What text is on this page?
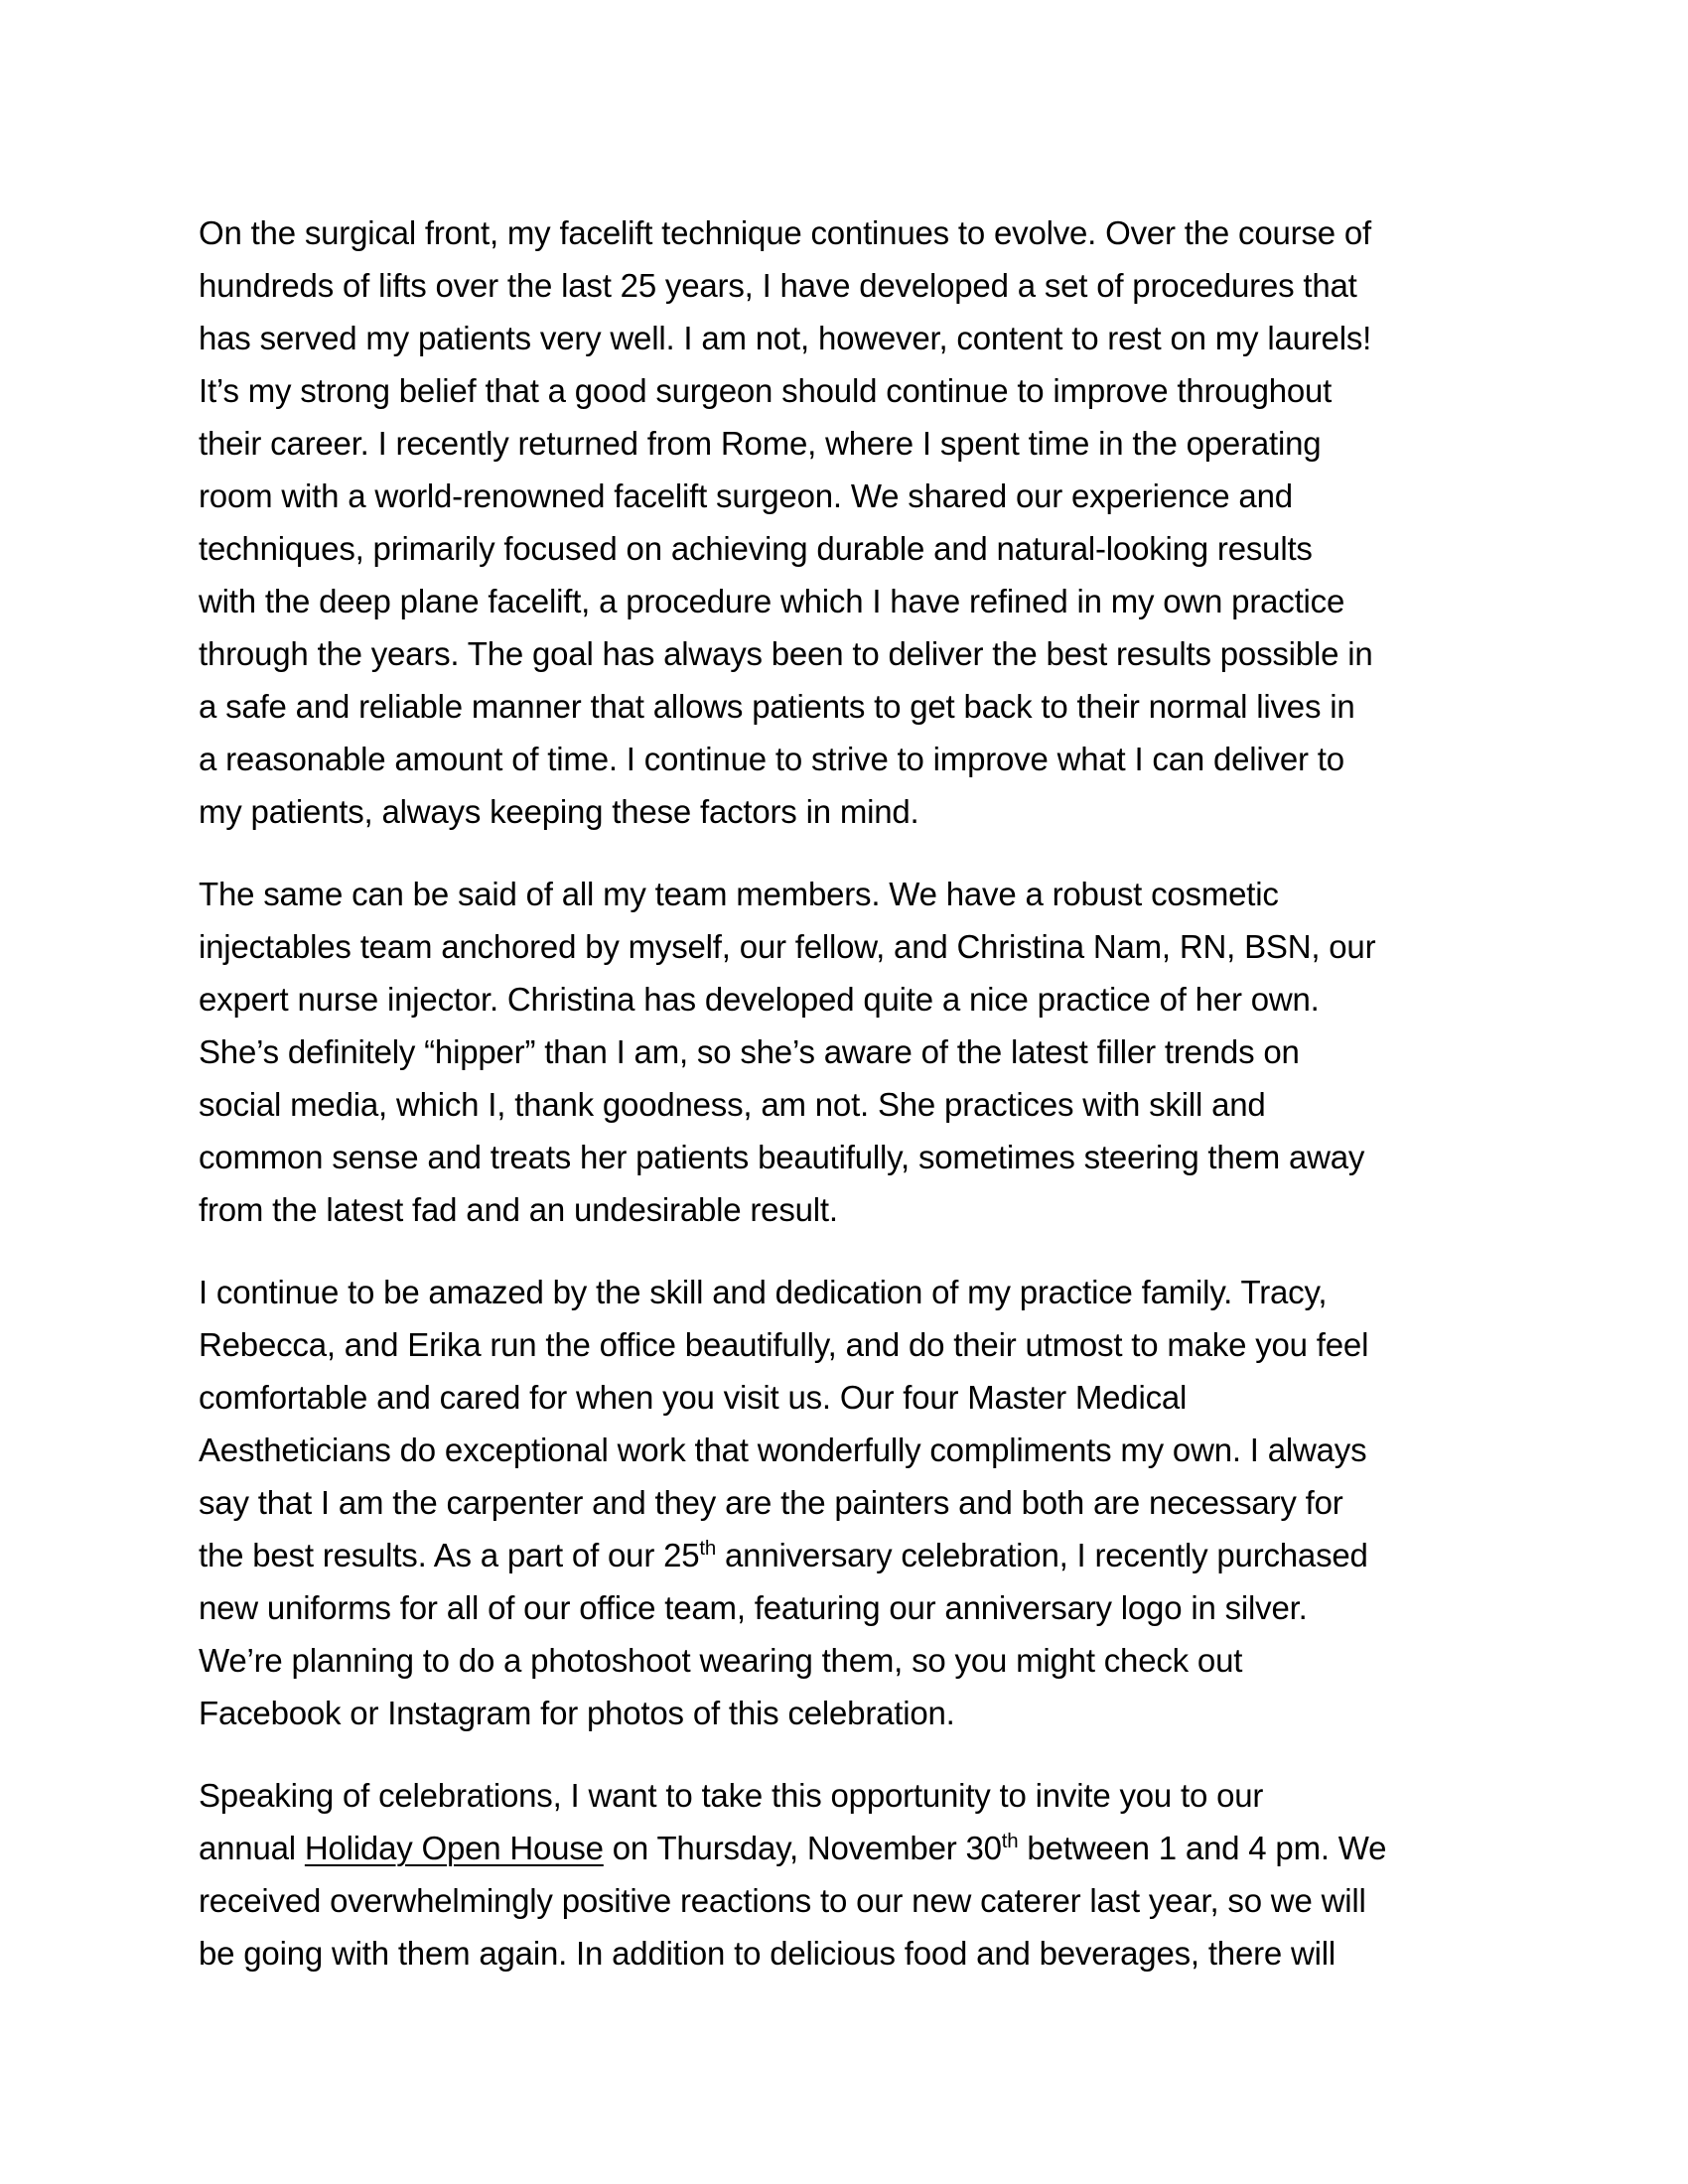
On the surgical front, my facelift technique continues to evolve. Over the course of
hundreds of lifts over the last 25 years, I have developed a set of procedures that
has served my patients very well. I am not, however, content to rest on my laurels!
It’s my strong belief that a good surgeon should continue to improve throughout
their career. I recently returned from Rome, where I spent time in the operating
room with a world-renowned facelift surgeon. We shared our experience and
techniques, primarily focused on achieving durable and natural-looking results
with the deep plane facelift, a procedure which I have refined in my own practice
through the years. The goal has always been to deliver the best results possible in
a safe and reliable manner that allows patients to get back to their normal lives in
a reasonable amount of time. I continue to strive to improve what I can deliver to
my patients, always keeping these factors in mind.
The same can be said of all my team members. We have a robust cosmetic
injectables team anchored by myself, our fellow, and Christina Nam, RN, BSN, our
expert nurse injector. Christina has developed quite a nice practice of her own.
She’s definitely “hipper” than I am, so she’s aware of the latest filler trends on
social media, which I, thank goodness, am not. She practices with skill and
common sense and treats her patients beautifully, sometimes steering them away
from the latest fad and an undesirable result.
I continue to be amazed by the skill and dedication of my practice family. Tracy,
Rebecca, and Erika run the office beautifully, and do their utmost to make you feel
comfortable and cared for when you visit us. Our four Master Medical
Aestheticians do exceptional work that wonderfully compliments my own. I always
say that I am the carpenter and they are the painters and both are necessary for
the best results. As a part of our 25th anniversary celebration, I recently purchased
new uniforms for all of our office team, featuring our anniversary logo in silver.
We’re planning to do a photoshoot wearing them, so you might check out
Facebook or Instagram for photos of this celebration.
Speaking of celebrations, I want to take this opportunity to invite you to our
annual Holiday Open House on Thursday, November 30th between 1 and 4 pm. We
received overwhelmingly positive reactions to our new caterer last year, so we will
be going with them again. In addition to delicious food and beverages, there will
